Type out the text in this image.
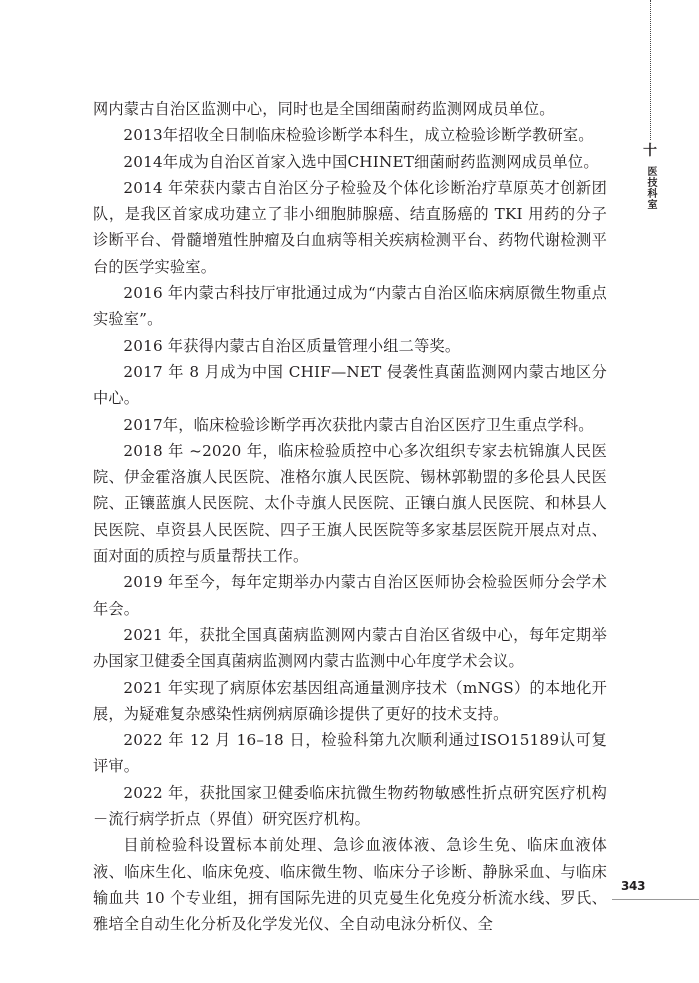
十
医技科室

网内蒙古自治区监测中心，同时也是全国细菌耐药监测网成员单位。

2013年招收全日制临床检验诊断学本科生，成立检验诊断学教研室。

2014年成为自治区首家入选中国CHINET细菌耐药监测网成员单位。

2014 年荣获内蒙古自治区分子检验及个体化诊断治疗草原英才创新团队，是我区首家成功建立了非小细胞肺腺癌、结直肠癌的 TKI 用药的分子诊断平台、骨髓增殖性肿瘤及白血病等相关疾病检测平台、药物代谢检测平台的医学实验室。

2016 年内蒙古科技厅审批通过成为“内蒙古自治区临床病原微生物重点实验室”。

2016 年获得内蒙古自治区质量管理小组二等奖。

2017 年 8 月成为中国 CHIF—NET 侵袭性真菌监测网内蒙古地区分中心。

2017年，临床检验诊断学再次获批内蒙古自治区医疗卫生重点学科。

2018 年 ~2020 年，临床检验质控中心多次组织专家去杭锦旗人民医院、伊金霍洛旗人民医院、准格尔旗人民医院、锡林郭勒盟的多伦县人民医院、正镶蓝旗人民医院、太仆寺旗人民医院、正镶白旗人民医院、和林县人民医院、卓资县人民医院、四子王旗人民医院等多家基层医院开展点对点、面对面的质控与质量帮扶工作。

2019 年至今，每年定期举办内蒙古自治区医师协会检验医师分会学术年会。

2021 年，获批全国真菌病监测网内蒙古自治区省级中心，每年定期举办国家卫健委全国真菌病监测网内蒙古监测中心年度学术会议。

2021 年实现了病原体宏基因组高通量测序技术（mNGS）的本地化开展，为疑难复杂感染性病例病原确诊提供了更好的技术支持。

2022 年 12 月 16–18 日，检验科第九次顺利通过ISO15189认可复评审。

2022 年，获批国家卫健委临床抗微生物药物敏感性折点研究医疗机构－流行病学折点（界值）研究医疗机构。

目前检验科设置标本前处理、急诊血液体液、急诊生免、临床血液体液、临床生化、临床免疫、临床微生物、临床分子诊断、静脉采血、与临床输血共 10 个专业组，拥有国际先进的贝克曼生化免疫分析流水线、罗氏、雅培全自动生化分析及化学发光仪、全自动电泳分析仪、全

343
